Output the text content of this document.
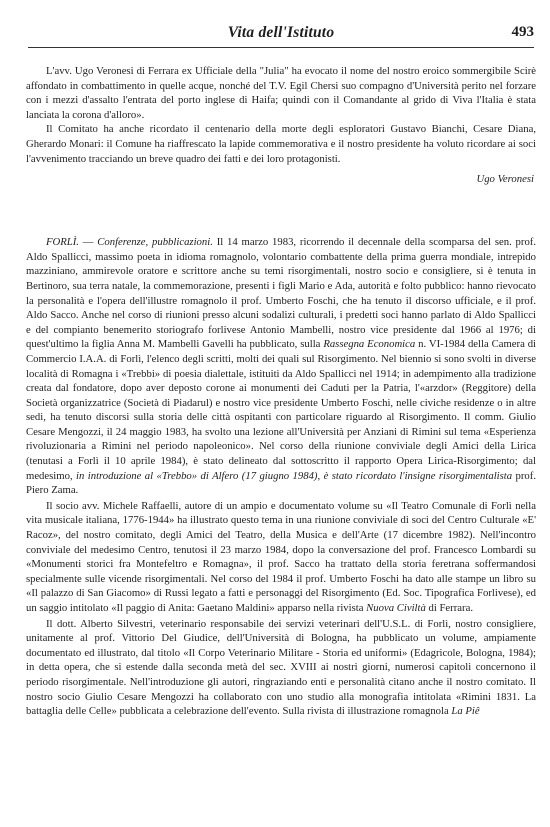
Vita dell'Istituto	493

L'avv. Ugo Veronesi di Ferrara ex Ufficiale della "Julia" ha evocato il nome del nostro eroico sommergibile Scirè affondato in combattimento in quelle acque, nonché del T.V. Egil Chersi suo compagno d'Università perito nel forzare con i mezzi d'assalto l'entrata del porto inglese di Haifa; quindi con il Comandante al grido di Viva l'Italia è stata lanciata la corona d'alloro».

Il Comitato ha anche ricordato il centenario della morte degli esploratori Gustavo Bianchi, Cesare Diana, Gherardo Monari: il Comune ha riaffrescato la lapide commemorativa e il nostro presidente ha voluto ricordare ai soci l'avvenimento tracciando un breve quadro dei fatti e dei loro protagonisti.

Ugo Veronesi

FORLÌ. — Conferenze, pubblicazioni. Il 14 marzo 1983, ricorrendo il decennale della scomparsa del sen. prof. Aldo Spallicci, massimo poeta in idioma romagnolo, volontario combattente della prima guerra mondiale, intrepido mazziniano, ammirevole oratore e scrittore anche su temi risorgimentali, nostro socio e consigliere, si è tenuta in Bertinoro, sua terra natale, la commemorazione, presenti i figli Mario e Ada, autorità e folto pubblico: hanno rievocato la personalità e l'opera dell'illustre romagnolo il prof. Umberto Foschi, che ha tenuto il discorso ufficiale, e il prof. Aldo Sacco. Anche nel corso di riunioni presso alcuni sodalizi culturali, i predetti soci hanno parlato di Aldo Spallicci e del compianto benemerito storiografo forlivese Antonio Mambelli, nostro vice presidente dal 1966 al 1976; di quest'ultimo la figlia Anna M. Mambelli Gavelli ha pubblicato, sulla Rassegna Economica n. VI-1984 della Camera di Commercio I.A.A. di Forlì, l'elenco degli scritti, molti dei quali sul Risorgimento. Nel biennio si sono svolti in diverse località di Romagna i «Trebbi» di poesia dialettale, istituiti da Aldo Spallicci nel 1914; in adempimento alla tradizione creata dal fondatore, dopo aver deposto corone ai monumenti dei Caduti per la Patria, l'«arzdor» (Reggitore) della Società organizzatrice (Società di Piadarul) e nostro vice presidente Umberto Foschi, nelle civiche residenze o in altre sedi, ha tenuto discorsi sulla storia delle città ospitanti con particolare riguardo al Risorgimento. Il comm. Giulio Cesare Mengozzi, il 24 maggio 1983, ha svolto una lezione all'Università per Anziani di Rimini sul tema «Esperienza rivoluzionaria a Rimini nel periodo napoleonico». Nel corso della riunione conviviale degli Amici della Lirica (tenutasi a Forlì il 10 aprile 1984), è stato delineato dal sottoscritto il rapporto Opera Lirica-Risorgimento; dal medesimo, in introduzione al «Trebbo» di Alfero (17 giugno 1984), è stato ricordato l'insigne risorgimentalista prof. Piero Zama.

Il socio avv. Michele Raffaelli, autore di un ampio e documentato volume su «Il Teatro Comunale di Forlì nella vita musicale italiana, 1776-1944» ha illustrato questo tema in una riunione conviviale di soci del Centro Culturale «E' Racoz», del nostro comitato, degli Amici del Teatro, della Musica e dell'Arte (17 dicembre 1982). Nell'incontro conviviale del medesimo Centro, tenutosi il 23 marzo 1984, dopo la conversazione del prof. Francesco Lombardi su «Monumenti storici fra Montefeltro e Romagna», il prof. Sacco ha trattato della storia feretrana soffermandosi specialmente sulle vicende risorgimentali. Nel corso del 1984 il prof. Umberto Foschi ha dato alle stampe un libro su «Il palazzo di San Giacomo» di Russi legato a fatti e personaggi del Risorgimento (Ed. Soc. Tipografica Forlivese), ed un saggio intitolato «Il paggio di Anita: Gaetano Maldini» apparso nella rivista Nuova Civiltà di Ferrara.

Il dott. Alberto Silvestri, veterinario responsabile dei servizi veterinari dell'U.S.L. di Forlì, nostro consigliere, unitamente al prof. Vittorio Del Giudice, dell'Università di Bologna, ha pubblicato un volume, ampiamente documentato ed illustrato, dal titolo «Il Corpo Veterinario Militare - Storia ed uniformi» (Edagricole, Bologna, 1984); in detta opera, che si estende dalla seconda metà del sec. XVIII ai nostri giorni, numerosi capitoli concernono il periodo risorgimentale. Nell'introduzione gli autori, ringraziando enti e personalità citano anche il nostro comitato. Il nostro socio Giulio Cesare Mengozzi ha collaborato con uno studio alla monografia intitolata «Rimini 1831. La battaglia delle Celle» pubblicata a celebrazione dell'evento. Sulla rivista di illustrazione romagnola La Piê
